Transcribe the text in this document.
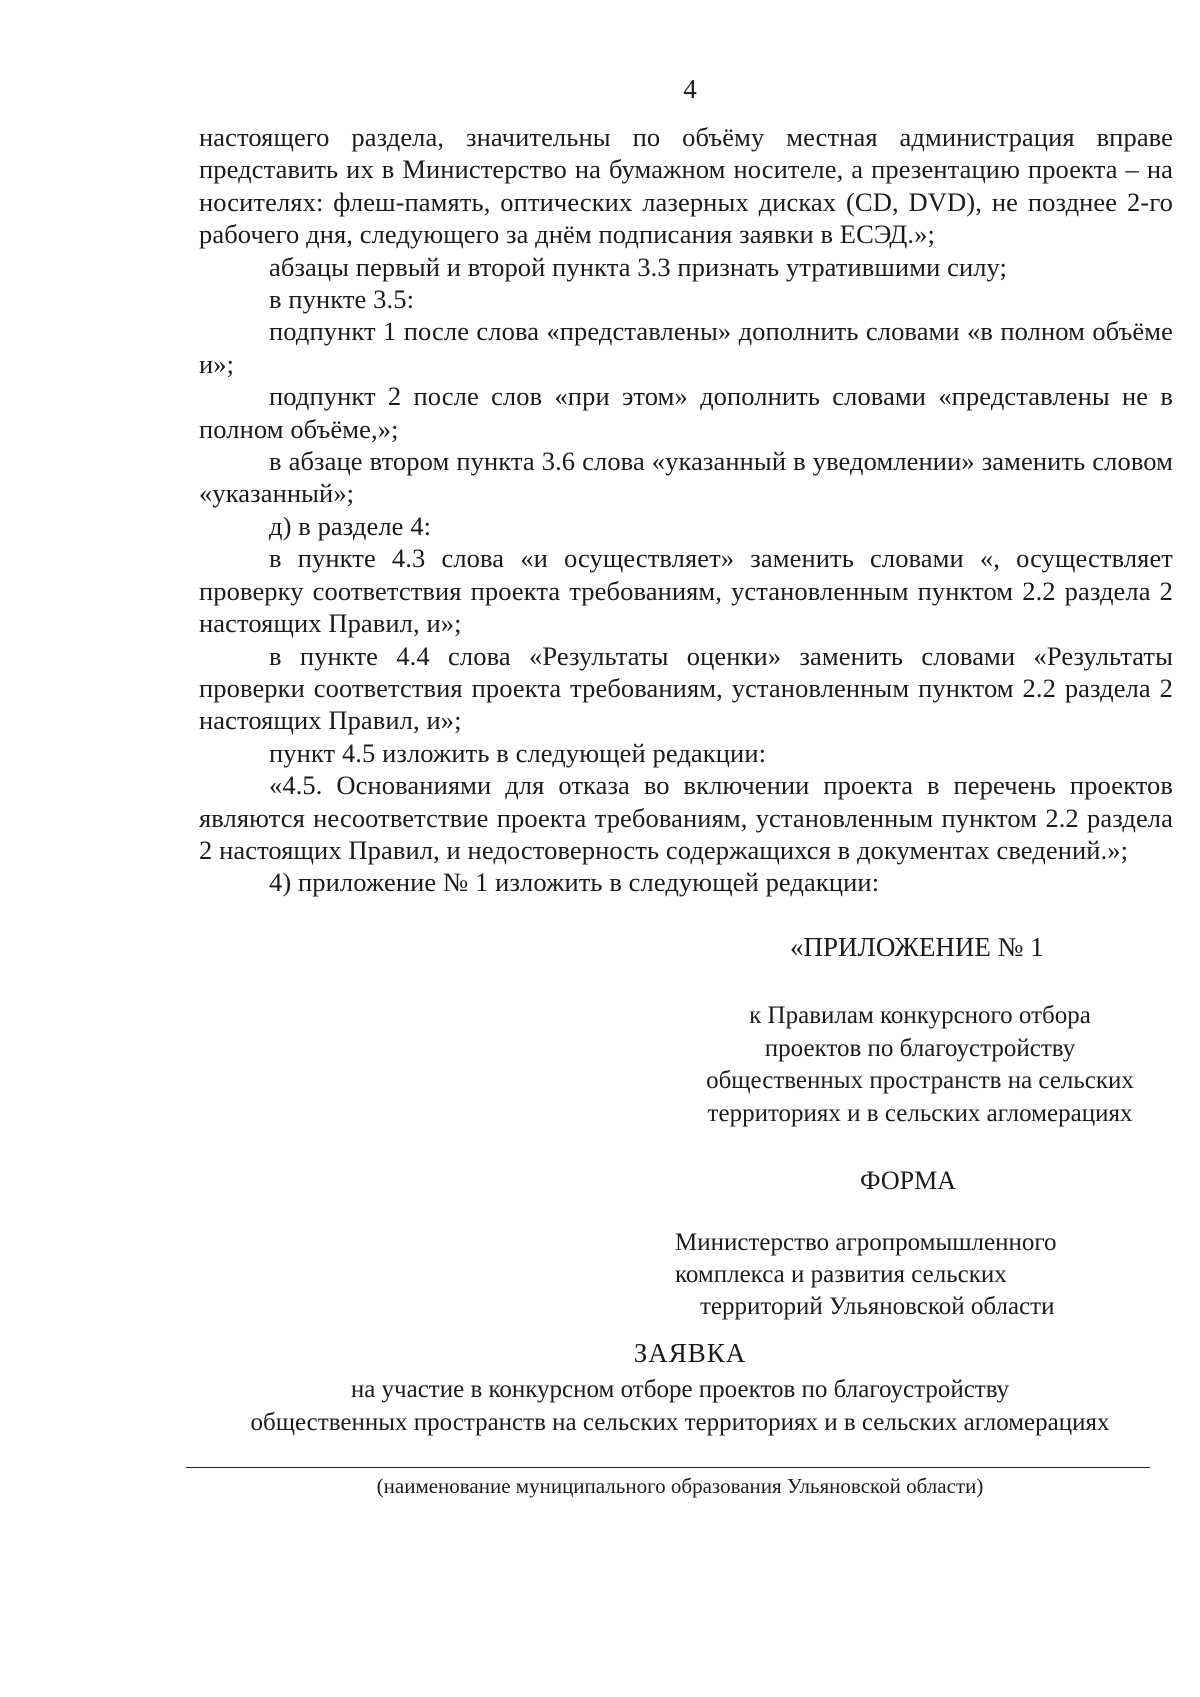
4

настоящего раздела, значительны по объёму местная администрация вправе представить их в Министерство на бумажном носителе, а презентацию проекта – на носителях: флеш-память, оптических лазерных дисках (CD, DVD), не позднее 2-го рабочего дня, следующего за днём подписания заявки в ЕСЭД.»;

абзацы первый и второй пункта 3.3 признать утратившими силу;

в пункте 3.5:

подпункт 1 после слова «представлены» дополнить словами «в полном объёме и»;

подпункт 2 после слов «при этом» дополнить словами «представлены не в полном объёме,»;

в абзаце втором пункта 3.6 слова «указанный в уведомлении» заменить словом «указанный»;

д) в разделе 4:

в пункте 4.3 слова «и осуществляет» заменить словами «, осуществляет проверку соответствия проекта требованиям, установленным пунктом 2.2 раздела 2 настоящих Правил, и»;

в пункте 4.4 слова «Результаты оценки» заменить словами «Результаты проверки соответствия проекта требованиям, установленным пунктом 2.2 раздела 2 настоящих Правил, и»;

пункт 4.5 изложить в следующей редакции:

«4.5. Основаниями для отказа во включении проекта в перечень проектов являются несоответствие проекта требованиям, установленным пунктом 2.2 раздела 2 настоящих Правил, и недостоверность содержащихся в документах сведений.»;

4) приложение № 1 изложить в следующей редакции:

«ПРИЛОЖЕНИЕ № 1

к Правилам конкурсного отбора
проектов по благоустройству
общественных пространств на сельских
территориях и в сельских агломерациях

ФОРМА

Министерство агропромышленного
комплекса и развития сельских
территорий Ульяновской области

ЗАЯВКА

на участие в конкурсном отборе проектов по благоустройству
общественных пространств на сельских территориях и в сельских агломерациях

(наименование муниципального образования Ульяновской области)
